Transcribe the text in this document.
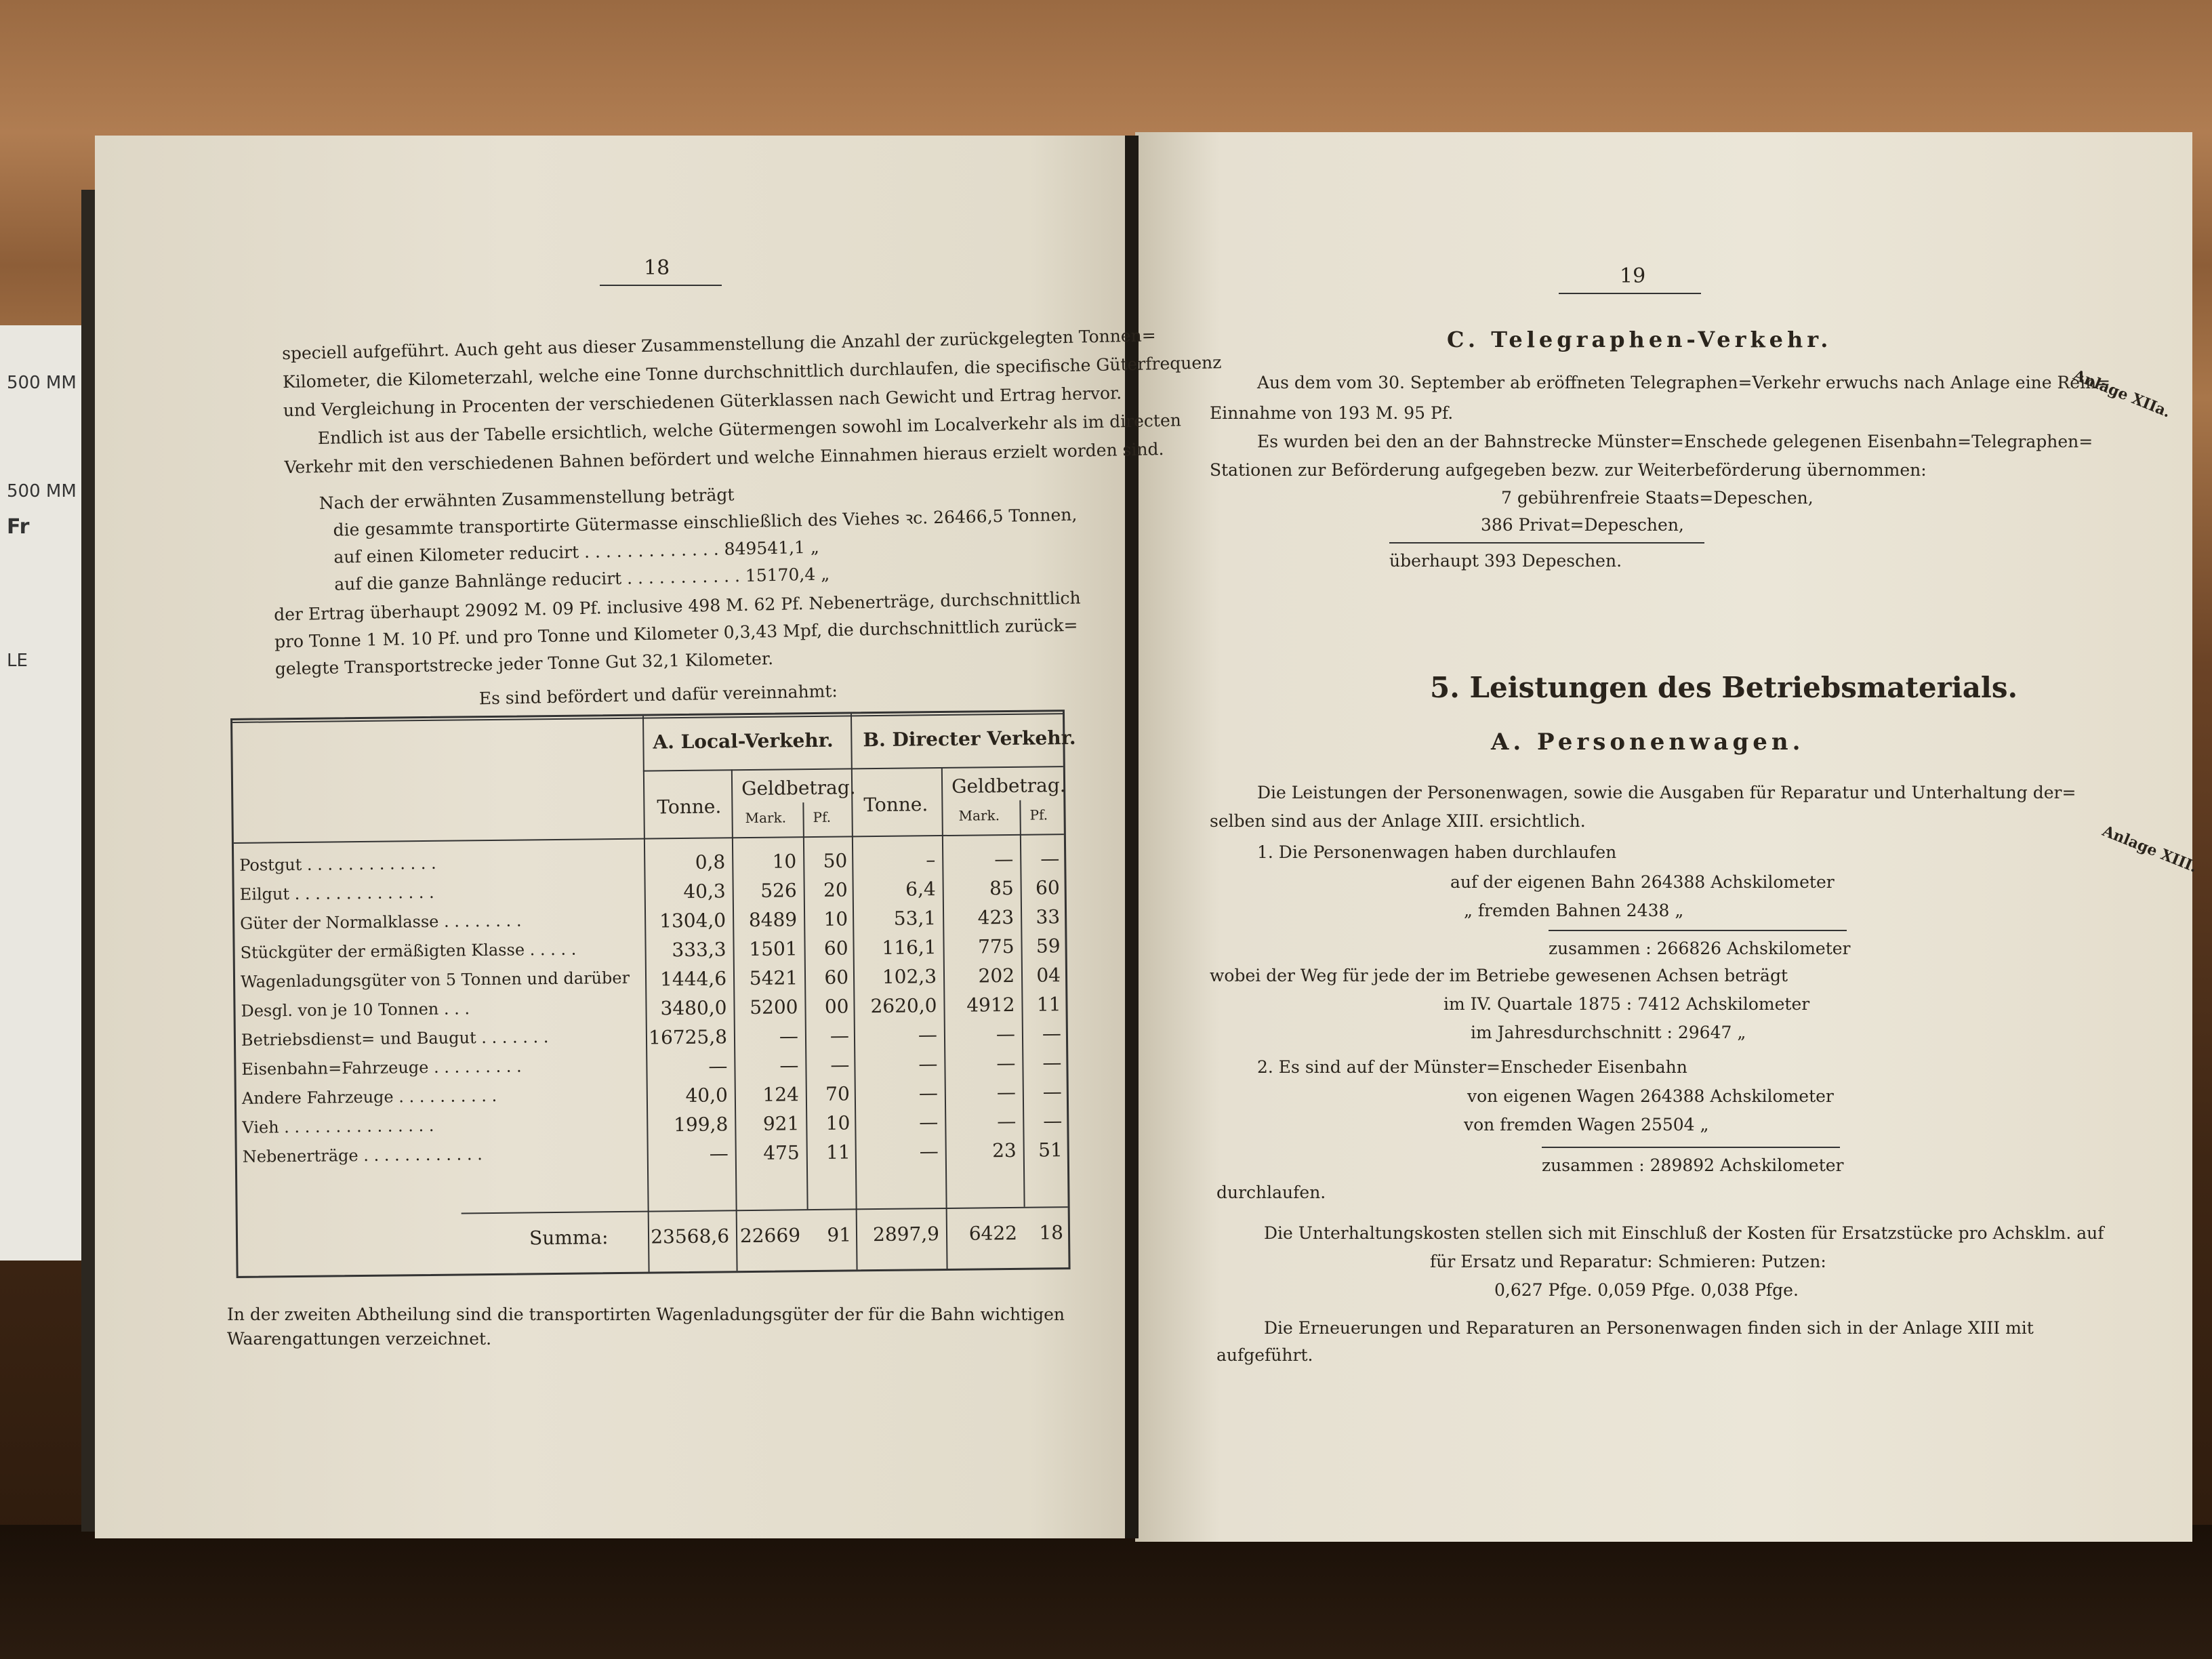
500 MM
500 MM
Fr
LE
18
speciell aufgeführt. Auch geht aus dieser Zusammenstellung die Anzahl der zurückgelegten Tonnen=
Kilometer, die Kilometerzahl, welche eine Tonne durchschnittlich durchlaufen, die specifische Güterfrequenz
und Vergleichung in Procenten der verschiedenen Güterklassen nach Gewicht und Ertrag hervor.
Endlich ist aus der Tabelle ersichtlich, welche Gütermengen sowohl im Localverkehr als im directen
Verkehr mit den verschiedenen Bahnen befördert und welche Einnahmen hieraus erzielt worden sind.
Nach der erwähnten Zusammenstellung beträgt
die gesammte transportirte Gütermasse einschließlich des Viehes ꝛc. 26466,5 Tonnen,
auf einen Kilometer reducirt . . . . . . . . . . . . . 849541,1 „
auf die ganze Bahnlänge reducirt . . . . . . . . . . . 15170,4 „
der Ertrag überhaupt 29092 M. 09 Pf. inclusive 498 M. 62 Pf. Nebenerträge, durchschnittlich
pro Tonne 1 M. 10 Pf. und pro Tonne und Kilometer 0,3,43 Mpf, die durchschnittlich zurück=
gelegte Transportstrecke jeder Tonne Gut 32,1 Kilometer.
Es sind befördert und dafür vereinnahmt:
A. Local-Verkehr. B. Directer Verkehr.
Tonne.
Geldbetrag.
Mark. Pf.
Tonne.
Geldbetrag.
Mark. Pf.
Postgut . . . . . . . . . . . . .	0,8	10	50	–	—	—
Eilgut . . . . . . . . . . . . . .	40,3	526	20	6,4	85	60
Güter der Normalklasse . . . . . . . .	1304,0	8489	10	53,1	423	33
Stückgüter der ermäßigten Klasse . . . . .	333,3	1501	60	116,1	775	59
Wagenladungsgüter von 5 Tonnen und darüber	1444,6	5421	60	102,3	202	04
Desgl. von je 10 Tonnen . . .	3480,0	5200	00	2620,0	4912	11
Betriebsdienst= und Baugut . . . . . . .	16725,8	—	—	—	—	—
Eisenbahn=Fahrzeuge . . . . . . . . .	—	—	—	—	—	—
Andere Fahrzeuge . . . . . . . . . .	40,0	124	70	—	—	—
Vieh . . . . . . . . . . . . . . .	199,8	921	10	—	—	—
Nebenerträge . . . . . . . . . . . .	—	475	11	—	23	51
Summa:	23568,6 22669	91	2897,9	6422	18
In der zweiten Abtheilung sind die transportirten Wagenladungsgüter der für die Bahn wichtigen
Waarengattungen verzeichnet.
19
C. Telegraphen-Verkehr.
Aus dem vom 30. September ab eröffneten Telegraphen=Verkehr erwuchs nach Anlage eine Rein=
Einnahme von 193 M. 95 Pf.
Es wurden bei den an der Bahnstrecke Münster=Enschede gelegenen Eisenbahn=Telegraphen=
Stationen zur Beförderung aufgegeben bezw. zur Weiterbeförderung übernommen:
7 gebührenfreie Staats=Depeschen,
386 Privat=Depeschen,
überhaupt 393 Depeschen.
Anlage XIIa.
5. Leistungen des Betriebsmaterials.
A. Personenwagen.
Anlage XIII.
Die Leistungen der Personenwagen, sowie die Ausgaben für Reparatur und Unterhaltung der=
selben sind aus der Anlage XIII. ersichtlich.
1. Die Personenwagen haben durchlaufen
auf der eigenen Bahn 264388 Achskilometer
„ fremden Bahnen 2438 „
zusammen : 266826 Achskilometer
wobei der Weg für jede der im Betriebe gewesenen Achsen beträgt
im IV. Quartale 1875 : 7412 Achskilometer
im Jahresdurchschnitt : 29647 „
2. Es sind auf der Münster=Enscheder Eisenbahn
von eigenen Wagen 264388 Achskilometer
von fremden Wagen 25504 „
zusammen : 289892 Achskilometer
durchlaufen.
Die Unterhaltungskosten stellen sich mit Einschluß der Kosten für Ersatzstücke pro Achsklm. auf
für Ersatz und Reparatur: Schmieren: Putzen:
0,627 Pfge. 0,059 Pfge. 0,038 Pfge.
Die Erneuerungen und Reparaturen an Personenwagen finden sich in der Anlage XIII mit
aufgeführt.
